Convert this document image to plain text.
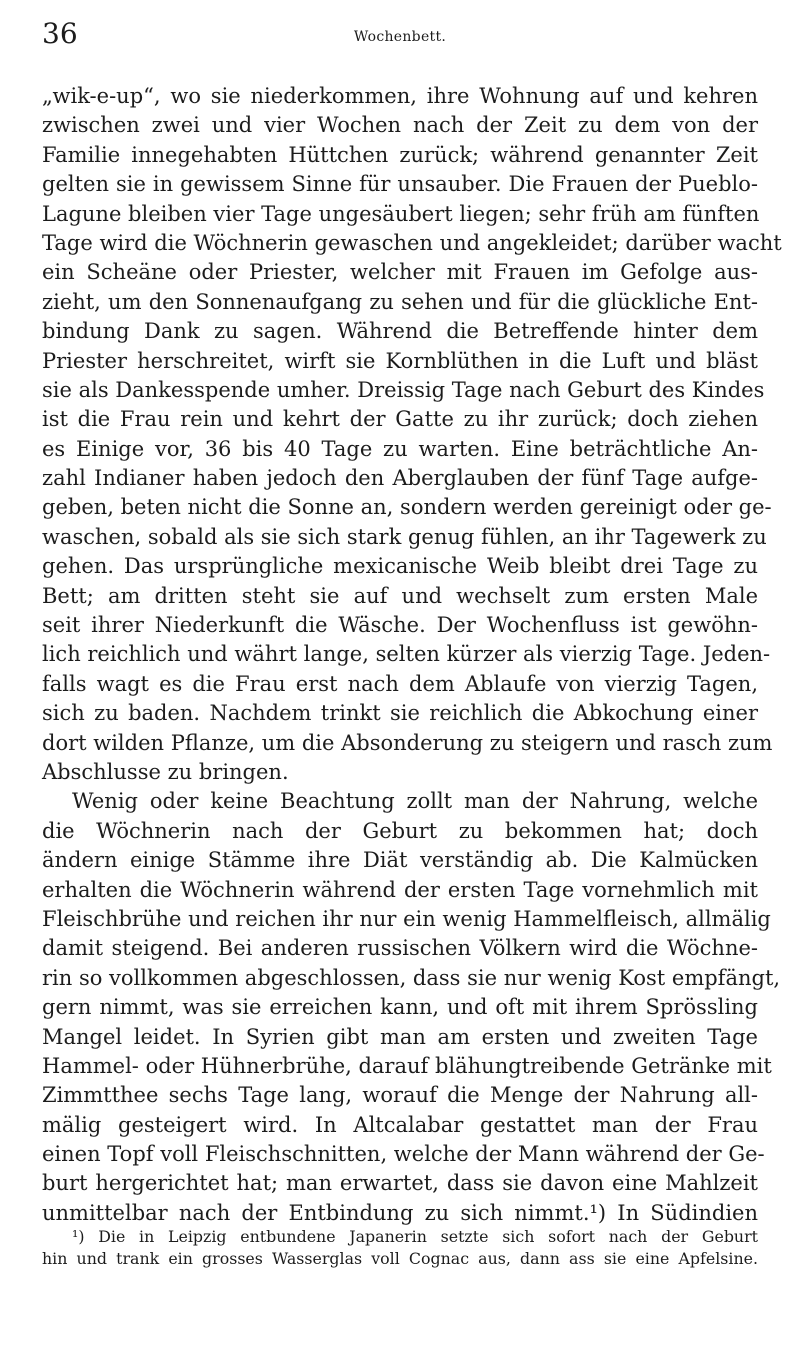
36	Wochenbett.
„wik-e-up“, wo sie niederkommen, ihre Wohnung auf und kehren
zwischen zwei und vier Wochen nach der Zeit zu dem von der
Familie innegehabten Hüttchen zurück; während genannter Zeit
gelten sie in gewissem Sinne für unsauber. Die Frauen der Pueblo-
Lagune bleiben vier Tage ungesäubert liegen; sehr früh am fünften
Tage wird die Wöchnerin gewaschen und angekleidet; darüber wacht
ein Scheäne oder Priester, welcher mit Frauen im Gefolge aus-
zieht, um den Sonnenaufgang zu sehen und für die glückliche Ent-
bindung Dank zu sagen. Während die Betreffende hinter dem
Priester herschreitet, wirft sie Kornblüthen in die Luft und bläst
sie als Dankesspende umher. Dreissig Tage nach Geburt des Kindes
ist die Frau rein und kehrt der Gatte zu ihr zurück; doch ziehen
es Einige vor, 36 bis 40 Tage zu warten. Eine beträchtliche An-
zahl Indianer haben jedoch den Aberglauben der fünf Tage aufge-
geben, beten nicht die Sonne an, sondern werden gereinigt oder ge-
waschen, sobald als sie sich stark genug fühlen, an ihr Tagewerk zu
gehen. Das ursprüngliche mexicanische Weib bleibt drei Tage zu
Bett; am dritten steht sie auf und wechselt zum ersten Male
seit ihrer Niederkunft die Wäsche. Der Wochenfluss ist gewöhn-
lich reichlich und währt lange, selten kürzer als vierzig Tage. Jeden-
falls wagt es die Frau erst nach dem Ablaufe von vierzig Tagen,
sich zu baden. Nachdem trinkt sie reichlich die Abkochung einer
dort wilden Pflanze, um die Absonderung zu steigern und rasch zum
Abschlusse zu bringen.
Wenig oder keine Beachtung zollt man der Nahrung, welche
die Wöchnerin nach der Geburt zu bekommen hat; doch
ändern einige Stämme ihre Diät verständig ab. Die Kalmücken
erhalten die Wöchnerin während der ersten Tage vornehmlich mit
Fleischbrühe und reichen ihr nur ein wenig Hammelfleisch, allmälig
damit steigend. Bei anderen russischen Völkern wird die Wöchne-
rin so vollkommen abgeschlossen, dass sie nur wenig Kost empfängt,
gern nimmt, was sie erreichen kann, und oft mit ihrem Sprössling
Mangel leidet. In Syrien gibt man am ersten und zweiten Tage
Hammel- oder Hühnerbrühe, darauf blähungtreibende Getränke mit
Zimmtthee sechs Tage lang, worauf die Menge der Nahrung all-
mälig gesteigert wird. In Altcalabar gestattet man der Frau
einen Topf voll Fleischschnitten, welche der Mann während der Ge-
burt hergerichtet hat; man erwartet, dass sie davon eine Mahlzeit
unmittelbar nach der Entbindung zu sich nimmt.¹) In Südindien
¹) Die in Leipzig entbundene Japanerin setzte sich sofort nach der Geburt
hin und trank ein grosses Wasserglas voll Cognac aus, dann ass sie eine Apfelsine.
